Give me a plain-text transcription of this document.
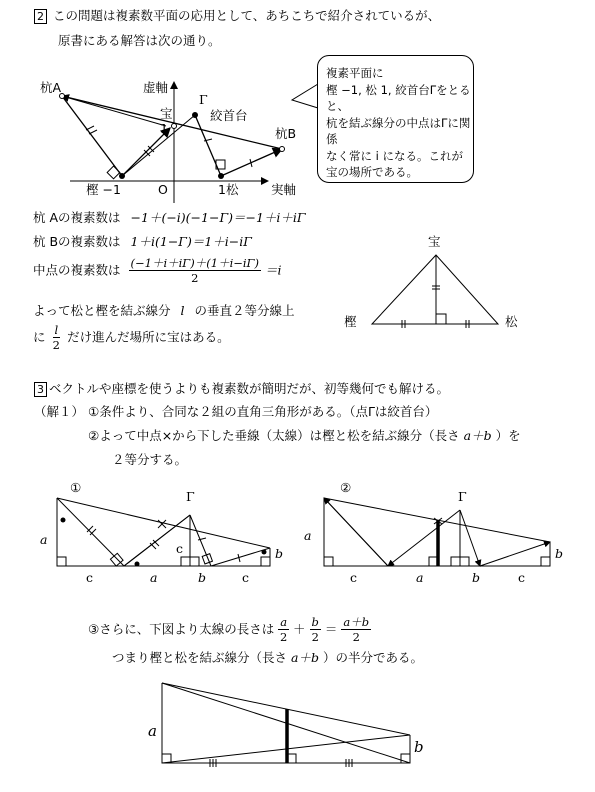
2 この問題は複素数平面の応用として、あちこちで紹介されているが、
原書にある解答は次の通り。
杭A	虚軸
Γ
絞首台
宝
1	杭B
樫 −1	O	1松	実軸

複素平面に

樫 −1, 松 1, 絞首台Γをとると、

杭を結ぶ線分の中点はΓに関係

なく常に i になる。これが

宝の場所である。

杭 Aの複素数は −1＋(−i)(−1−Γ)＝−1＋i＋iΓ
杭 Bの複素数は 1＋i(1−Γ)＝1＋i−iΓ
中点の複素数は $\frac{(-1+i+i\Gamma)+(1+i-i\Gamma)}{2} =i$
よって松と樫を結ぶ線分 l の垂直２等分線上
に $\frac{l}{2}$ だけ進んだ場所に宝はある。
宝
樫	松
3 ベクトルや座標を使うよりも複素数が簡明だが、初等幾何でも解ける。
（解１） ①条件より、合同な２組の直角三角形がある。（点Γは絞首台）
②よって中点×から下した垂線（太線）は樫と松を結ぶ線分（長さ a＋b ）を
２等分する。
①
Γ
a
b
c
c
c
a	b
②
Γ
a
b
c	c
a	b
③さらに、下図より太線の長さは $\frac{a}{2} + \frac{b}{2} = \frac{a+b}{2}$
つまり樫と松を結ぶ線分（長さ a＋b ）の半分である。
a
b
